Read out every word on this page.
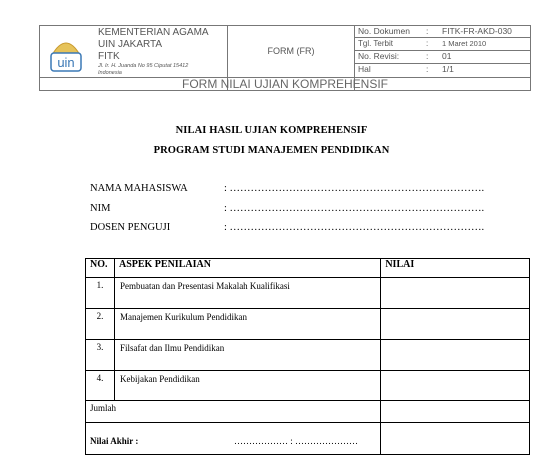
uin
KEMENTERIAN AGAMA
UIN JAKARTA
FITK
Jl. Ir. H. Juanda No 95 Ciputat 15412
Indonesia
FORM (FR)
No. Dokumen : FITK-FR-AKD-030
Tgl. Terbit	: 1 Maret 2010
No. Revisi:	: 01
Hal	: 1/1
FORM NILAI UJIAN KOMPREHENSIF
NILAI HASIL UJIAN KOMPREHENSIF
PROGRAM STUDI MANAJEMEN PENDIDIKAN
NAMA MAHASISWA	: ……………………………………………………………….
NIM	: ……………………………………………………………….
DOSEN PENGUJI	: ……………………………………………………………….
NO.	ASPEK PENILAIAN	NILAI
1.	Pembuatan dan Presentasi Makalah Kualifikasi	
2.	Manajemen Kurikulum Pendidikan	
3.	Filsafat dan Ilmu Pendidikan	
4.	Kebijakan Pendidikan	
Jumlah		
Nilai Akhir : ……………… : …………………		
